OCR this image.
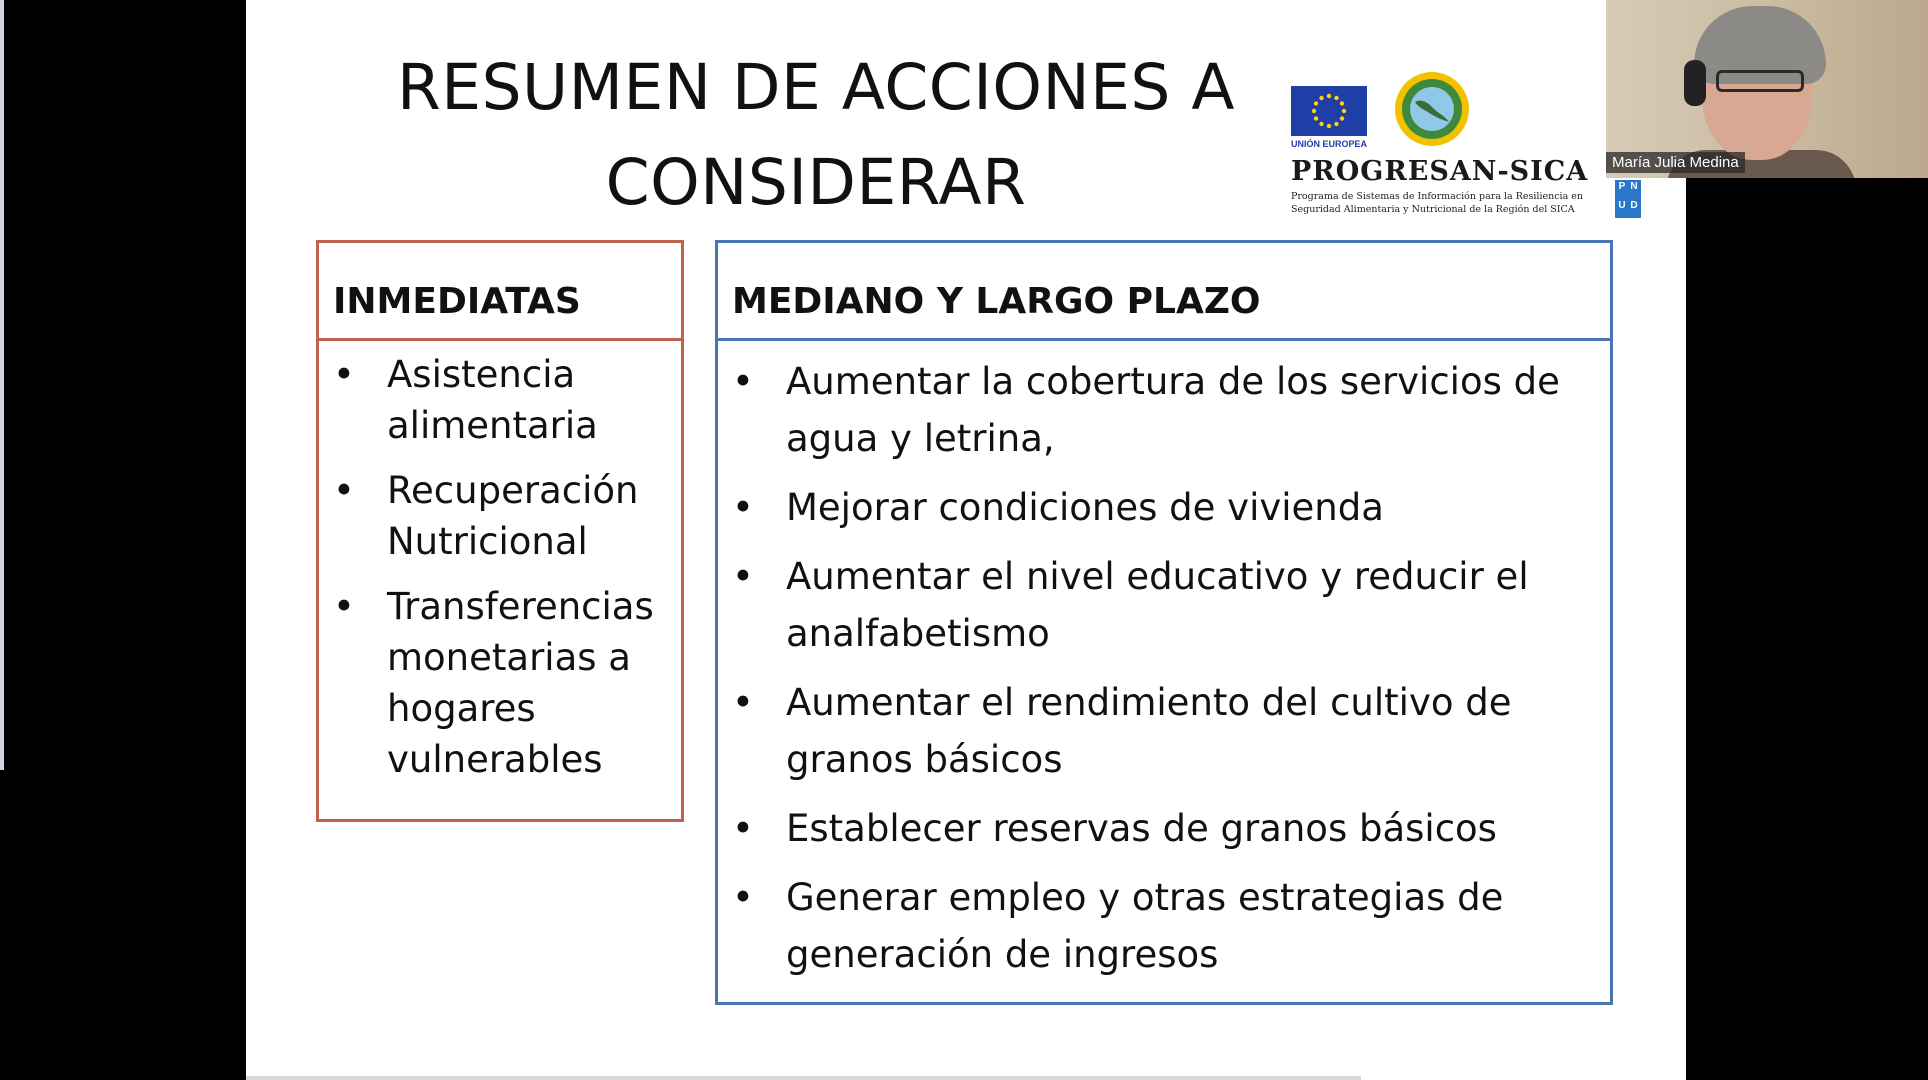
RESUMEN DE ACCIONES A
CONSIDERAR
UNIÓN EUROPEA
PROGRESAN-SICA
Programa de Sistemas de Información para la Resiliencia en
Seguridad Alimentaria y Nutricional de la Región del SICA
P N
U D
INMEDIATAS
• Asistencia alimentaria
• Recuperación Nutricional
• Transferencias monetarias a hogares vulnerables
MEDIANO Y LARGO PLAZO
• Aumentar la cobertura de los servicios de agua y letrina,
• Mejorar condiciones de vivienda
• Aumentar el nivel educativo y reducir el analfabetismo
• Aumentar el rendimiento del cultivo de granos básicos
• Establecer reservas de granos básicos
• Generar empleo y otras estrategias de generación de ingresos
María Julia Medina
